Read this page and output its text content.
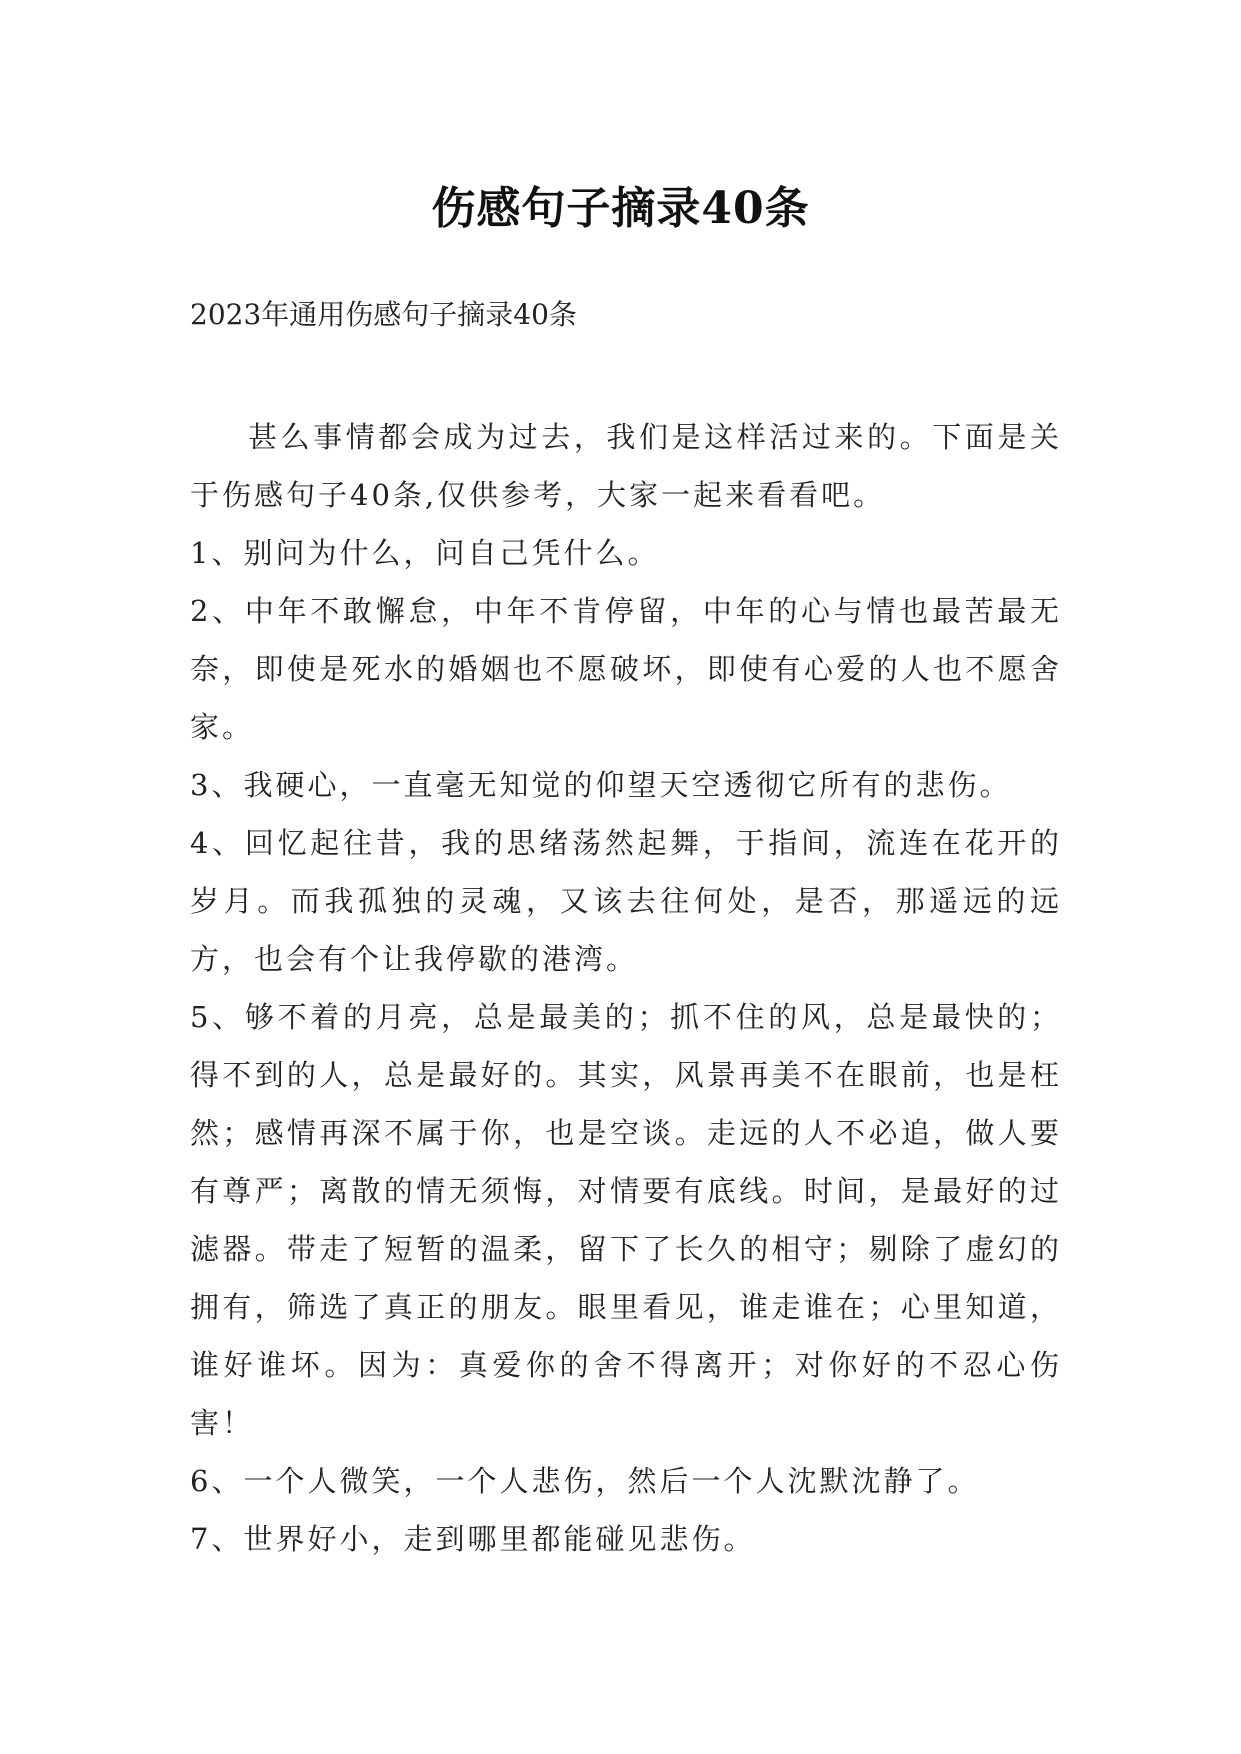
伤感句子摘录40条
2023年通用伤感句子摘录40条

甚么事情都会成为过去，我们是这样活过来的。下面是关于伤感句子40条,仅供参考，大家一起来看看吧。

1、别问为什么，问自己凭什么。

2、中年不敢懈怠，中年不肯停留，中年的心与情也最苦最无奈，即使是死水的婚姻也不愿破坏，即使有心爱的人也不愿舍家。

3、我硬心，一直毫无知觉的仰望天空透彻它所有的悲伤。

4、回忆起往昔，我的思绪荡然起舞，于指间，流连在花开的岁月。而我孤独的灵魂，又该去往何处，是否，那遥远的远方，也会有个让我停歇的港湾。

5、够不着的月亮，总是最美的；抓不住的风，总是最快的；得不到的人，总是最好的。其实，风景再美不在眼前，也是枉然；感情再深不属于你，也是空谈。走远的人不必追，做人要有尊严；离散的情无须悔，对情要有底线。时间，是最好的过滤器。带走了短暂的温柔，留下了长久的相守；剔除了虚幻的拥有，筛选了真正的朋友。眼里看见，谁走谁在；心里知道，谁好谁坏。因为：真爱你的舍不得离开；对你好的不忍心伤害！

6、一个人微笑，一个人悲伤，然后一个人沈默沈静了。

7、世界好小，走到哪里都能碰见悲伤。
